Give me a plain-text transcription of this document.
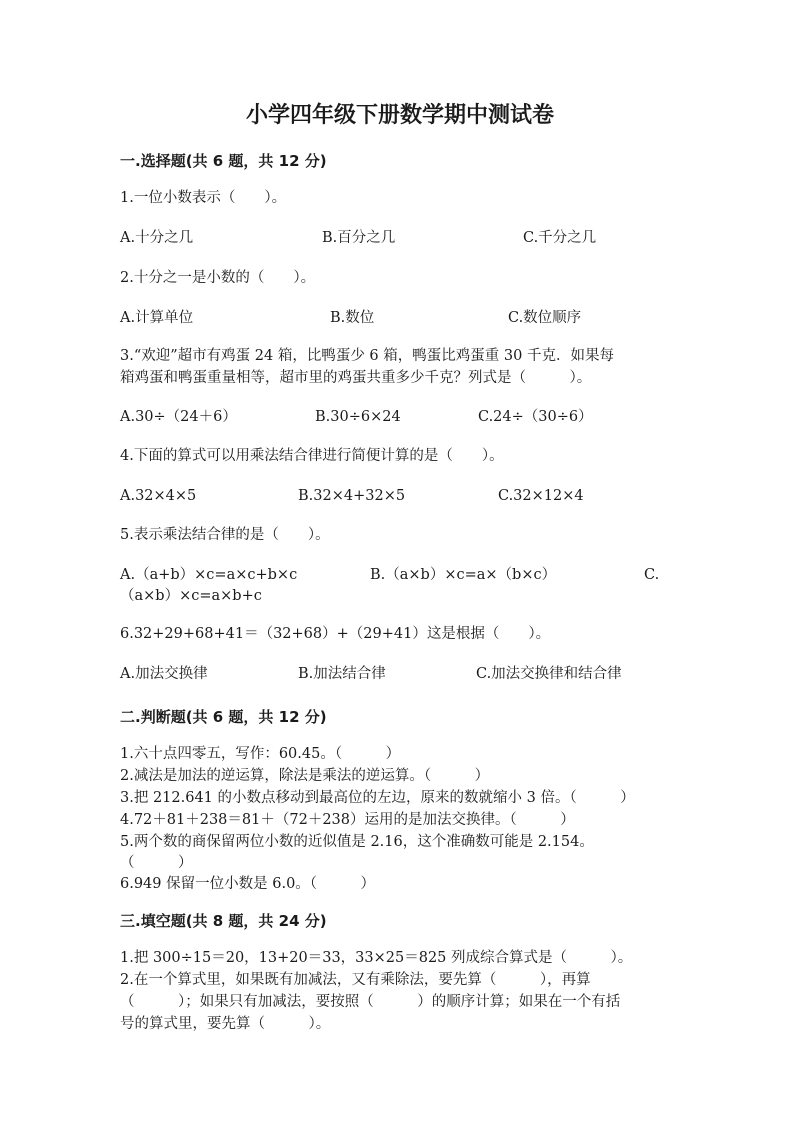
小学四年级下册数学期中测试卷
一.选择题(共 6 题，共 12 分)
1.一位小数表示（　　）。
A.十分之几	B.百分之几	C.千分之几
2.十分之一是小数的（　　）。
A.计算单位	B.数位	C.数位顺序
3.“欢迎”超市有鸡蛋 24 箱，比鸭蛋少 6 箱，鸭蛋比鸡蛋重 30 千克．如果每
箱鸡蛋和鸭蛋重量相等，超市里的鸡蛋共重多少千克？列式是（　　　）。
A.30÷（24＋6）	B.30÷6×24	C.24÷（30÷6）
4.下面的算式可以用乘法结合律进行简便计算的是（　　）。
A.32×4×5	B.32×4+32×5	C.32×12×4
5.表示乘法结合律的是（　　）。
A.（a+b）×c=a×c+b×c	B.（a×b）×c=a×（b×c）	C.
（a×b）×c=a×b+c
6.32+29+68+41＝（32+68）+（29+41）这是根据（　　）。
A.加法交换律	B.加法结合律	C.加法交换律和结合律
二.判断题(共 6 题，共 12 分)
1.六十点四零五，写作：60.45。（　　　）
2.减法是加法的逆运算，除法是乘法的逆运算。（　　　）
3.把 212.641 的小数点移动到最高位的左边，原来的数就缩小 3 倍。（　　　）
4.72＋81＋238＝81＋（72＋238）运用的是加法交换律。（　　　）
5.两个数的商保留两位小数的近似值是 2.16，这个准确数可能是 2.154。
（　　　）
6.949 保留一位小数是 6.0。（　　　）
三.填空题(共 8 题，共 24 分)
1.把 300÷15＝20，13+20＝33，33×25＝825 列成综合算式是（　　　）。
2.在一个算式里，如果既有加减法，又有乘除法，要先算（　　　），再算
（　　　）；如果只有加减法，要按照（　　　）的顺序计算；如果在一个有括
号的算式里，要先算（　　　）。
